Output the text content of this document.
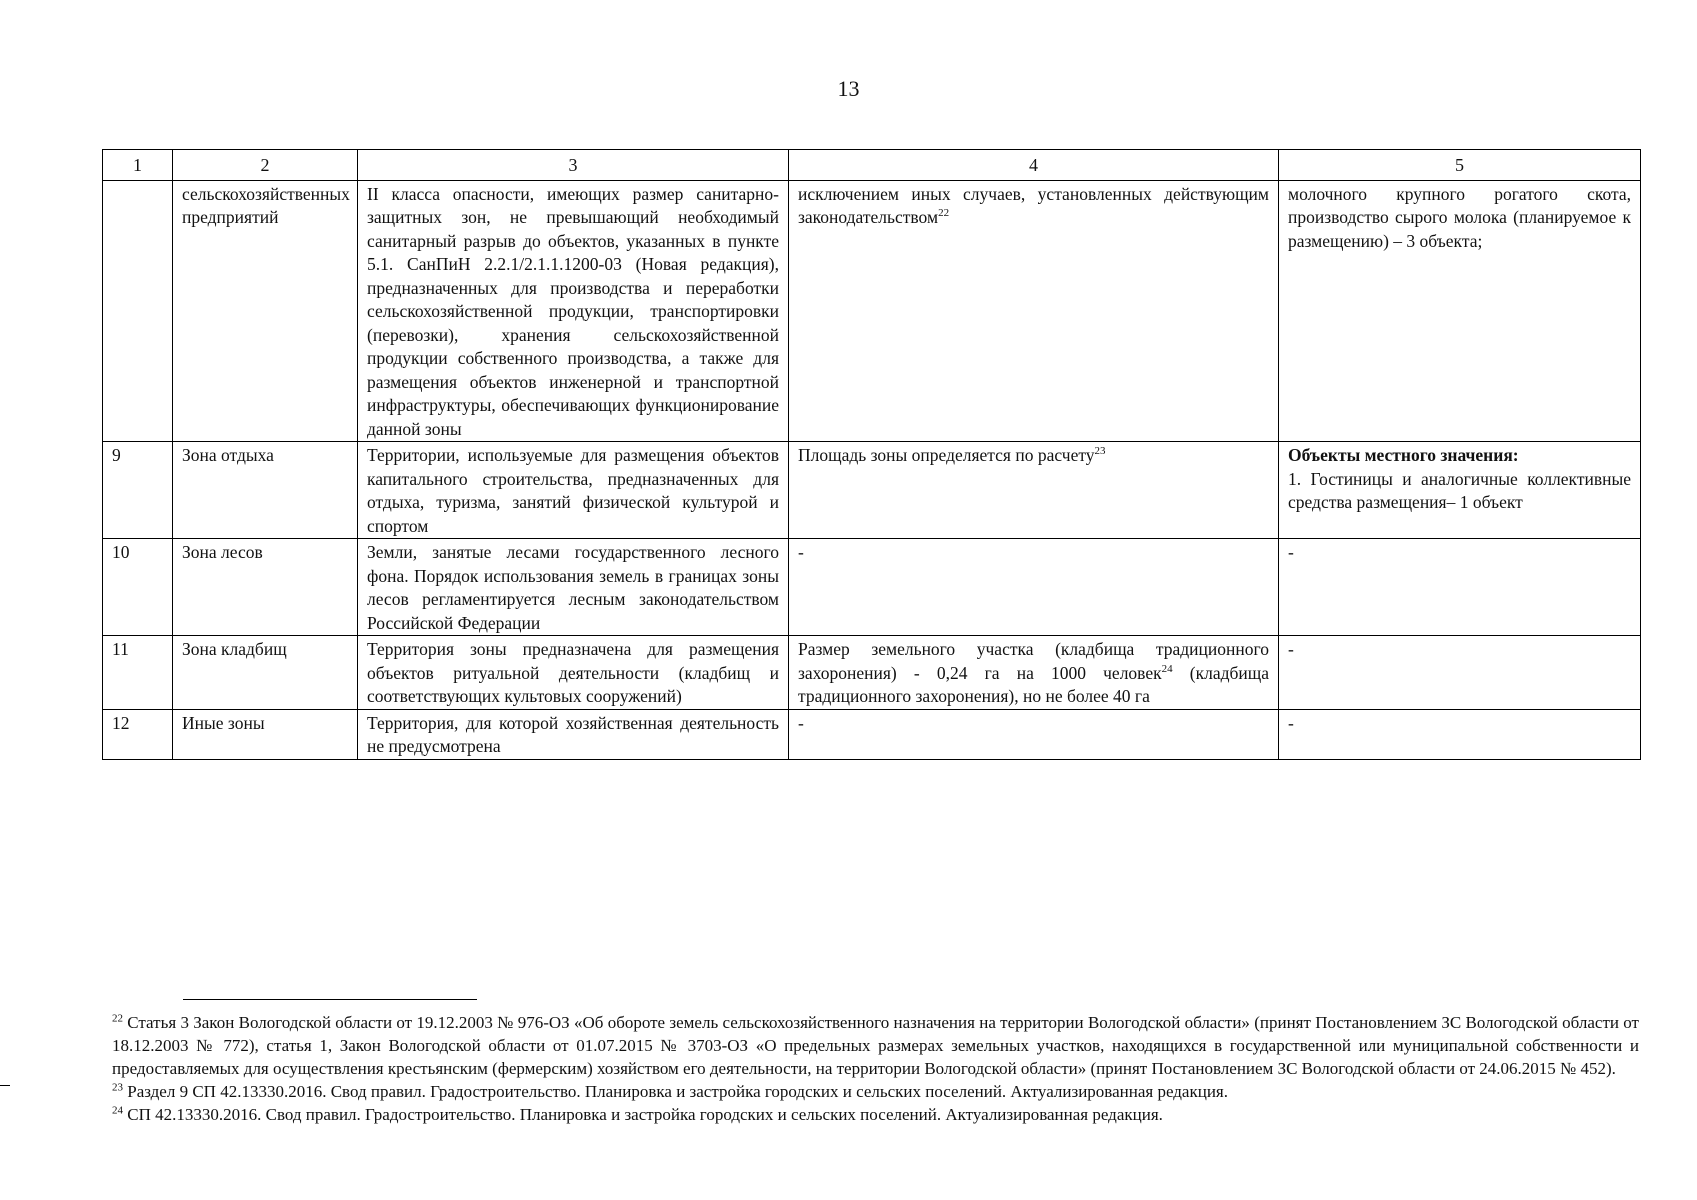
13
1	2	3	4	5
	сельскохозяйственных предприятий	II класса опасности, имеющих размер санитарно-защитных зон, не превышающий необходимый санитарный разрыв до объектов, указанных в пункте 5.1. СанПиН 2.2.1/2.1.1.1200-03 (Новая редакция), предназначенных для производства и переработки сельскохозяйственной продукции, транспортировки (перевозки), хранения сельскохозяйственной продукции собственного производства, а также для размещения объектов инженерной и транспортной инфраструктуры, обеспечивающих функционирование данной зоны	исключением иных случаев, установленных действующим законодательством$^{22}$	молочного крупного рогатого скота, производство сырого молока (планируемое к размещению) – 3 объекта;
9	Зона отдыха	Территории, используемые для размещения объектов капитального строительства, предназначенных для отдыха, туризма, занятий физической культурой и спортом	Площадь зоны определяется по расчету$^{23}$	Объекты местного значения:
1. Гостиницы и аналогичные коллективные средства размещения– 1 объект

10	Зона лесов	Земли, занятые лесами государственного лесного фона. Порядок использования земель в границах зоны лесов регламентируется лесным законодательством Российской Федерации	-	-
11	Зона кладбищ	Территория зоны предназначена для размещения объектов ритуальной деятельности (кладбищ и соответствующих культовых сооружений)	Размер земельного участка (кладбища традиционного захоронения) - 0,24 га на 1000 человек$^{24}$ (кладбища традиционного захоронения), но не более 40 га	-
12	Иные зоны	Территория, для которой хозяйственная деятельность не предусмотрена	-	-

$^{22}$ Статья 3 Закон Вологодской области от 19.12.2003 № 976-ОЗ «Об обороте земель сельскохозяйственного назначения на территории Вологодской области» (принят Постановлением ЗС Вологодской области от 18.12.2003 № 772), статья 1, Закон Вологодской области от 01.07.2015 № 3703-ОЗ «О предельных размерах земельных участков, находящихся в государственной или муниципальной собственности и предоставляемых для осуществления крестьянским (фермерским) хозяйством его деятельности, на территории Вологодской области» (принят Постановлением ЗС Вологодской области от 24.06.2015 № 452).

$^{23}$ Раздел 9 СП 42.13330.2016. Свод правил. Градостроительство. Планировка и застройка городских и сельских поселений. Актуализированная редакция.

$^{24}$ СП 42.13330.2016. Свод правил. Градостроительство. Планировка и застройка городских и сельских поселений. Актуализированная редакция.
